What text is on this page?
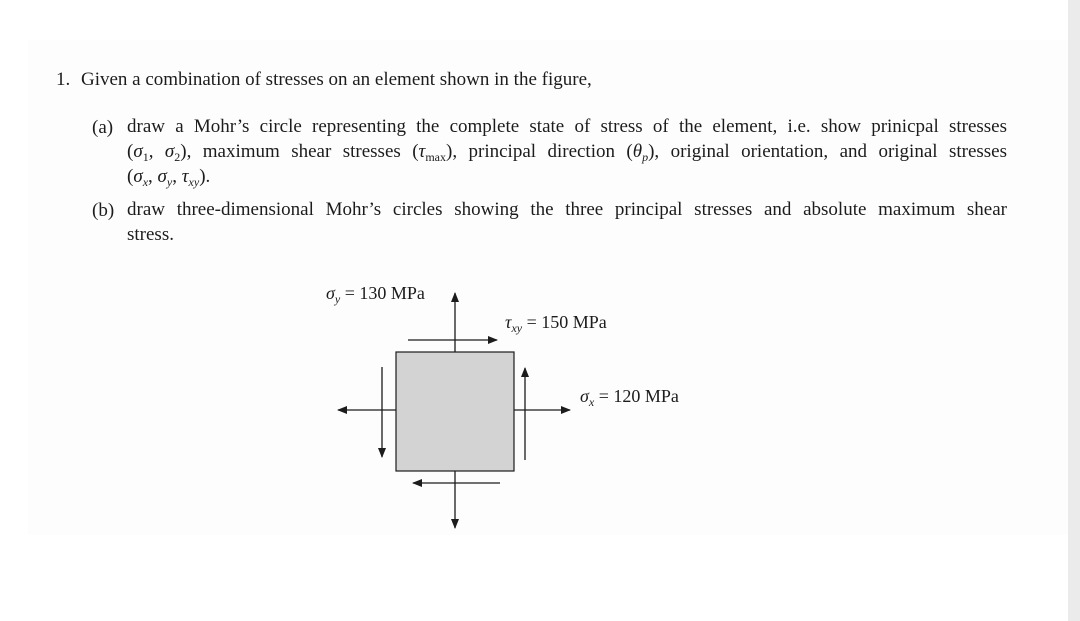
1. Given a combination of stresses on an element shown in the figure,
(a) draw a Mohr’s circle representing the complete state of stress of the element, i.e. show prinicpal stresses
($\sigma_1$, $\sigma_2$), maximum shear stresses $(\tau_{max})$, principal direction $(\theta_p)$, original orientation, and original stresses
($\sigma_x$, $\sigma_y$, $\tau_{xy}$).
(b) draw three-dimensional Mohr’s circles showing the three principal stresses and absolute maximum shear
stress.
$\sigma_y = 130$ MPa
$\tau_{xy} = 150$ MPa
$\sigma_x = 120$ MPa
